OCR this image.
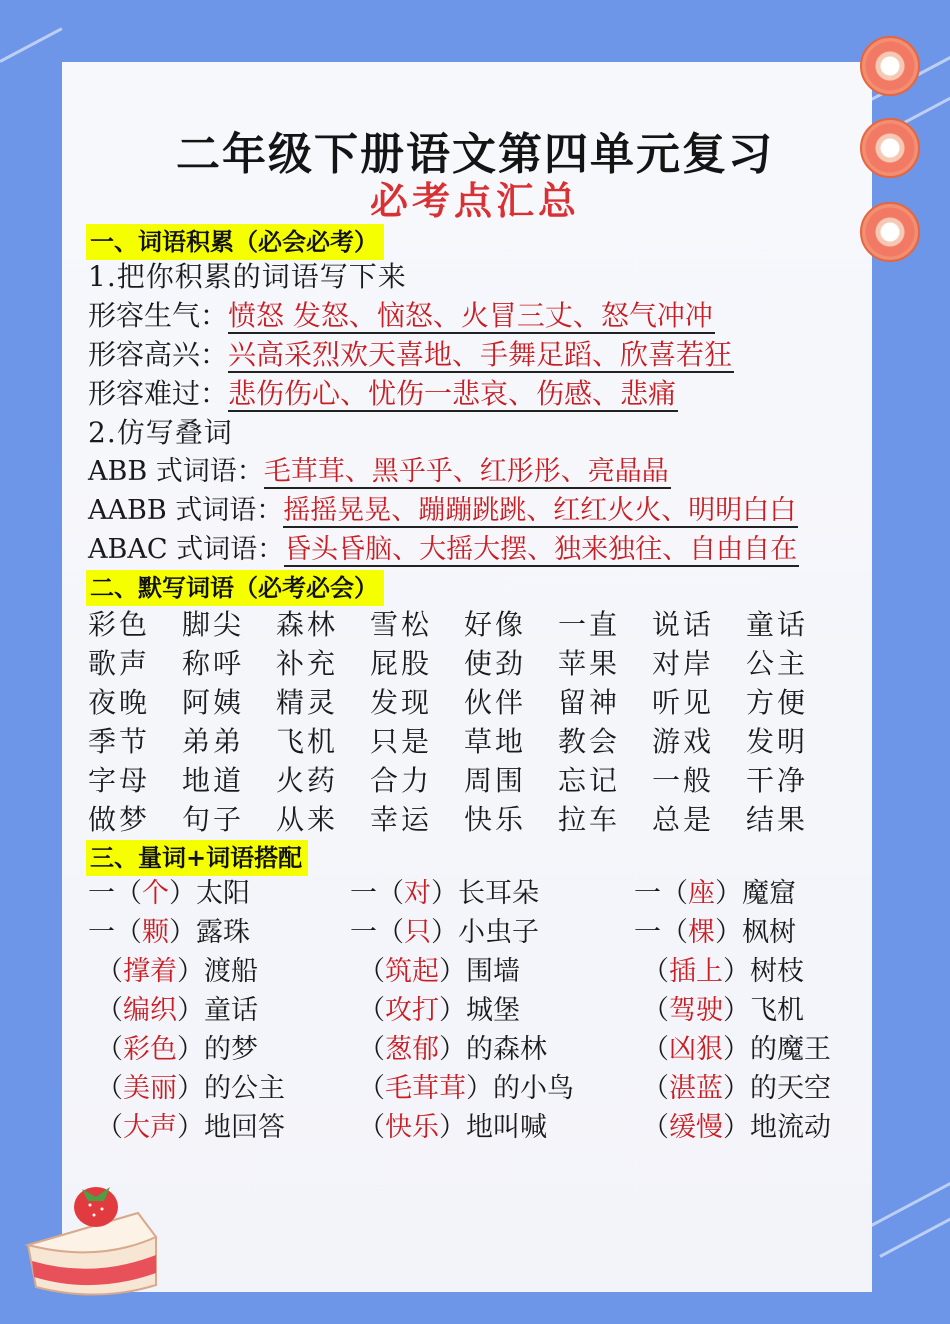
二年级下册语文第四单元复习
必考点汇总
一、词语积累（必会必考）
1.把你积累的词语写下来
形容生气：愤怒 发怒、恼怒、火冒三丈、怒气冲冲
形容高兴：兴高采烈欢天喜地、手舞足蹈、欣喜若狂
形容难过：悲伤伤心、忧伤一悲哀、伤感、悲痛
2.仿写叠词
ABB 式词语：毛茸茸、黑乎乎、红彤彤、亮晶晶
AABB 式词语：摇摇晃晃、蹦蹦跳跳、红红火火、明明白白
ABAC 式词语：昏头昏脑、大摇大摆、独来独往、自由自在
二、默写词语（必考必会）
彩色	脚尖	森林	雪松	好像	一直	说话	童话
歌声	称呼	补充	屁股	使劲	苹果	对岸	公主
夜晚	阿姨	精灵	发现	伙伴	留神	听见	方便
季节	弟弟	飞机	只是	草地	教会	游戏	发明
字母	地道	火药	合力	周围	忘记	一般	干净
做梦	句子	从来	幸运	快乐	拉车	总是	结果
三、量词+词语搭配
一（个）太阳	一（对）长耳朵	一（座）魔窟
一（颗）露珠	一（只）小虫子	一（棵）枫树
（撑着）渡船	（筑起）围墙	（插上）树枝
（编织）童话	（攻打）城堡	（驾驶）飞机
（彩色）的梦	（葱郁）的森林	（凶狠）的魔王
（美丽）的公主	（毛茸茸）的小鸟	（湛蓝）的天空
（大声）地回答	（快乐）地叫喊	（缓慢）地流动
